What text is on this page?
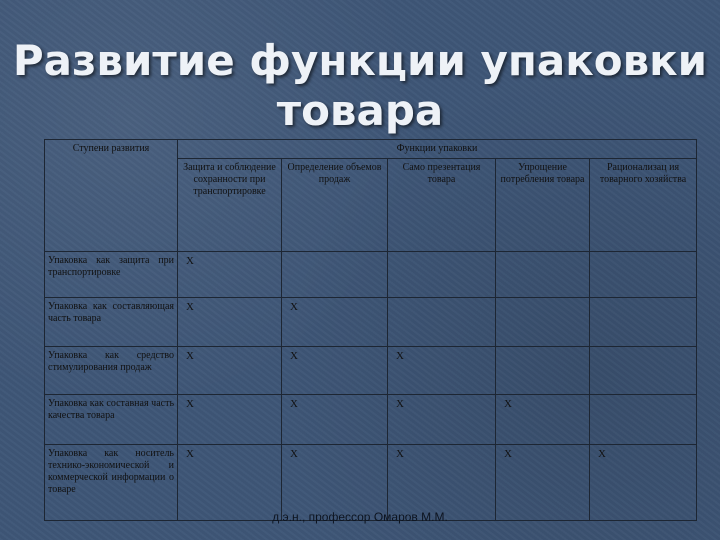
Развитие функции упаковки
товара
Ступени развития	Функции упаковки				
	Защита и соблюдение сохранности при транспортировке	Определение объемов продаж	Само презентация товара	Упрощение потребления товара	Рационализац ия товарного хозяйства
Упаковка как защита при транспортировке	X				
Упаковка как составляющая часть товара	X	X			
Упаковка как средство стимулирования продаж	X	X	X		
Упаковка как составная часть качества товара	X	X	X	X	
Упаковка как носитель технико-экономической и коммерческой информации о товаре	X	X	X	X	X
д.э.н., профессор Омаров М.М.
